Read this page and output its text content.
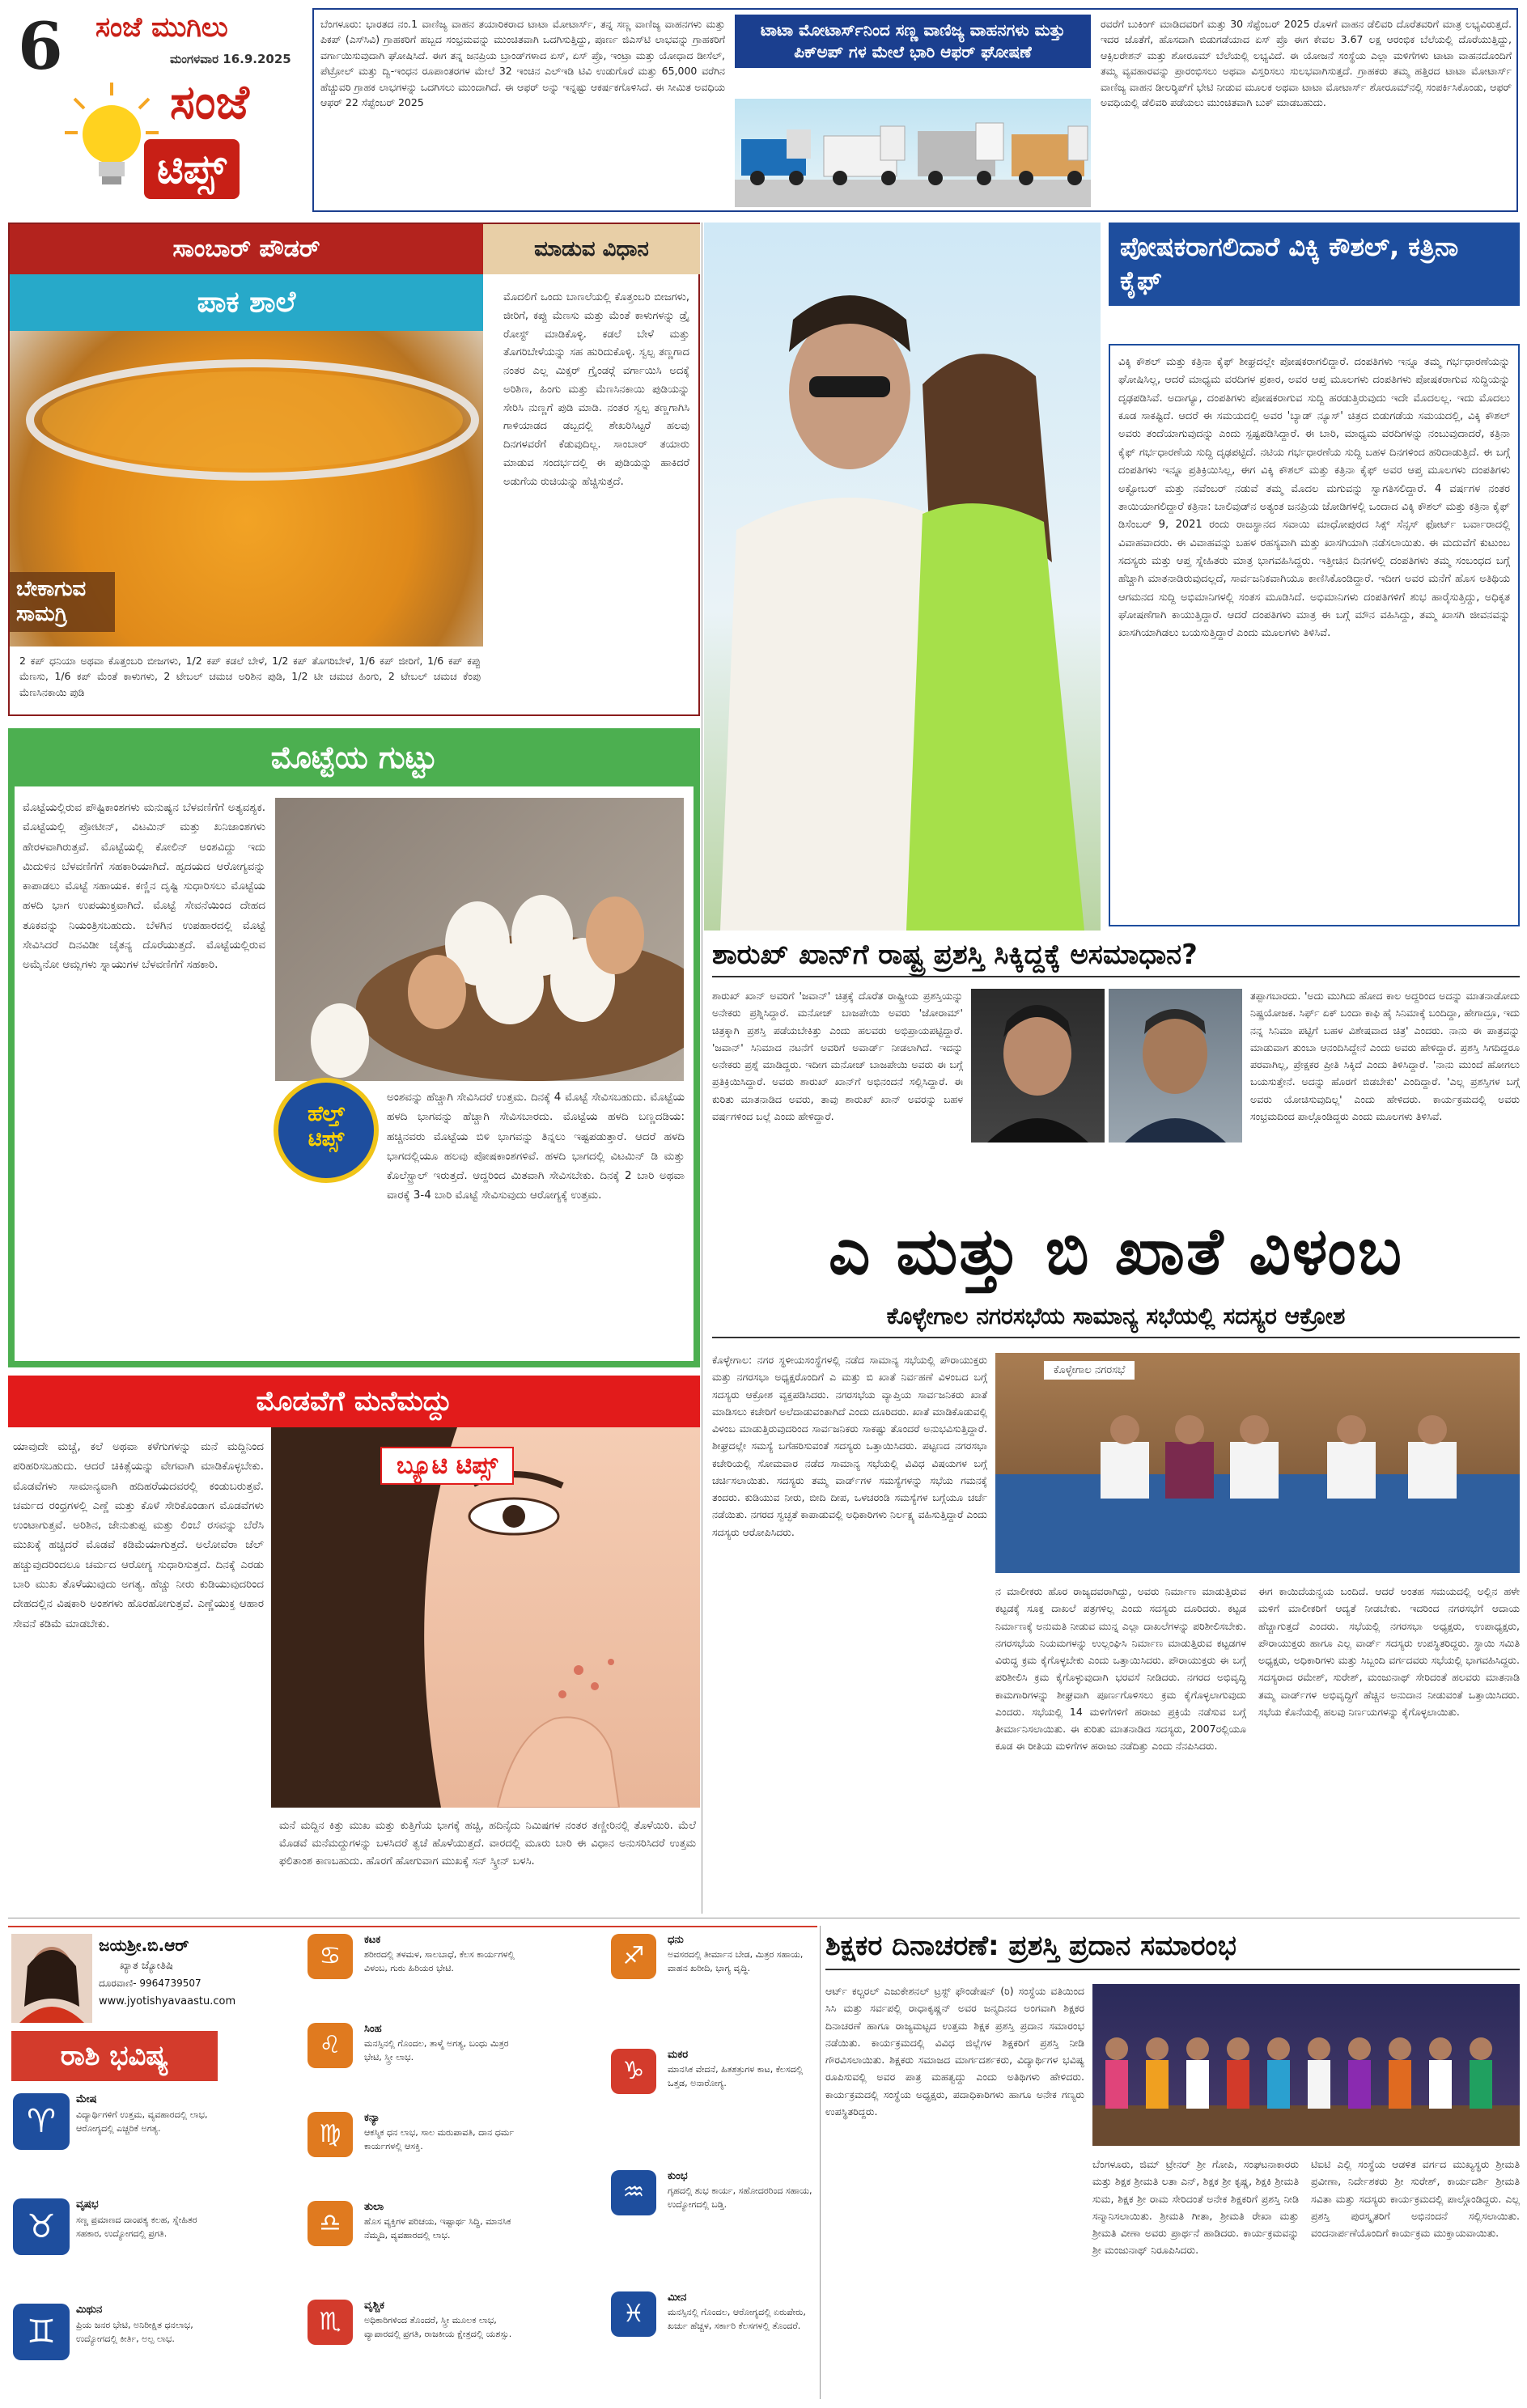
6 ಸಂಜೆ ಮುಗಿಲು
ಮಂಗಳವಾರ 16.9.2025
ಸಂಜೆ
ಟಿಪ್ಸ್
ಬೆಂಗಳೂರು: ಭಾರತದ ನಂ.1 ವಾಣಿಜ್ಯ ವಾಹನ ತಯಾರಿಕರಾದ ಟಾಟಾ ಮೋಟಾರ್ಸ್, ತನ್ನ ಸಣ್ಣ ವಾಣಿಜ್ಯ ವಾಹನಗಳು ಮತ್ತು ಪಿಕಪ್ (ಎಸ್‍ಸಿವಿ) ಗ್ರಾಹಕರಿಗೆ ಹಬ್ಬದ ಸಂಭ್ರಮವನ್ನು ಮುಂಚಿತವಾಗಿ ಒದಗಿಸುತ್ತಿದ್ದು, ಪೂರ್ಣ ಜಿಎಸ್‍ಟಿ ಲಾಭವನ್ನು ಗ್ರಾಹಕರಿಗೆ ವರ್ಗಾಯಿಸುವುದಾಗಿ ಘೋಷಿಸಿದೆ. ಈಗ ತನ್ನ ಜನಪ್ರಿಯ ಬ್ರಾಂಡ್‍ಗಳಾದ ಏಸ್, ಏಸ್ ಪ್ರೊ, ಇಂಟ್ರಾ ಮತ್ತು ಯೋಧಾದ ಡೀಸೆಲ್, ಪೆಟ್ರೋಲ್ ಮತ್ತು ದ್ವಿ-ಇಂಧನ ರೂಪಾಂತರಗಳ ಮೇಲೆ 32 ಇಂಚಿನ ಎಲ್‍ಇಡಿ ಟಿವಿ ಉಡುಗೊರೆ ಮತ್ತು 65,000 ವರೆಗಿನ ಹೆಚ್ಚುವರಿ ಗ್ರಾಹಕ ಲಾಭಗಳನ್ನು ಒದಗಿಸಲು ಮುಂದಾಗಿದೆ. ಈ ಆಫರ್ ಅನ್ನು ಇನ್ನಷ್ಟು ಆಕರ್ಷಕಗೊಳಿಸಿದೆ. ಈ ಸೀಮಿತ ಅವಧಿಯ ಆಫರ್ 22 ಸೆಪ್ಟೆಂಬರ್ 2025
ಟಾಟಾ ಮೋಟಾರ್ಸ್‌ನಿಂದ ಸಣ್ಣ ವಾಣಿಜ್ಯ ವಾಹನಗಳು ಮತ್ತು ಪಿಕ್‌ಅಪ್ ಗಳ ಮೇಲೆ ಭಾರಿ ಆಫರ್ ಘೋಷಣೆ
ರವರೆಗೆ ಬುಕಿಂಗ್ ಮಾಡಿದವರಿಗೆ ಮತ್ತು 30 ಸೆಪ್ಟೆಂಬರ್ 2025 ರೊಳಗೆ ವಾಹನ ಡೆಲಿವರಿ ದೊರೆತವರಿಗೆ ಮಾತ್ರ ಲಭ್ಯವಿರುತ್ತದೆ. ಇದರ ಜೊತೆಗೆ, ಹೊಸದಾಗಿ ಬಿಡುಗಡೆಯಾದ ಏಸ್ ಪ್ರೊ ಈಗ ಕೇವಲ 3.67 ಲಕ್ಷ ಆರಂಭಿಕ ಬೆಲೆಯಲ್ಲಿ ದೊರೆಯುತ್ತಿದ್ದು, ಆಕ್ಸಿಲರೇಶನ್ ಮತ್ತು ಶೋರೂಮ್ ಬೆಲೆಯಲ್ಲಿ ಲಭ್ಯವಿದೆ. ಈ ಯೋಜನೆ ಸಂಸ್ಥೆಯ ಎಲ್ಲಾ ಮಳಿಗೆಗಳು ಟಾಟಾ ವಾಹನದೊಂದಿಗೆ ತಮ್ಮ ವ್ಯವಹಾರವನ್ನು ಪ್ರಾರಂಭಿಸಲು ಅಥವಾ ವಿಸ್ತರಿಸಲು ಸುಲಭವಾಗಿಸುತ್ತದೆ. ಗ್ರಾಹಕರು ತಮ್ಮ ಹತ್ತಿರದ ಟಾಟಾ ಮೋಟಾರ್ಸ್ ವಾಣಿಜ್ಯ ವಾಹನ ಡೀಲರ್‍ಶಿಪ್‍ಗೆ ಭೇಟಿ ನೀಡುವ ಮೂಲಕ ಅಥವಾ ಟಾಟಾ ಮೋಟಾರ್ಸ್ ಶೋರೂಮ್‍ನಲ್ಲಿ ಸಂಪರ್ಕಿಸಿಕೊಂಡು, ಆಫರ್ ಅವಧಿಯಲ್ಲಿ ಡೆಲಿವರಿ ಪಡೆಯಲು ಮುಂಚಿತವಾಗಿ ಬುಕ್ ಮಾಡಬಹುದು.
ಸಾಂಬಾರ್ ಪೌಡರ್	ಮಾಡುವ ವಿಧಾನ
ಪಾಕ ಶಾಲೆ
ಬೇಕಾಗುವ ಸಾಮಗ್ರಿ
ಮೊದಲಿಗೆ ಒಂದು ಬಾಣಲೆಯಲ್ಲಿ ಕೊತ್ತಂಬರಿ ಬೀಜಗಳು, ಜೀರಿಗೆ, ಕಪ್ಪು ಮೆಣಸು ಮತ್ತು ಮೆಂತೆ ಕಾಳುಗಳನ್ನು ಡ್ರೈ ರೋಸ್ಟ್ ಮಾಡಿಕೊಳ್ಳಿ. ಕಡಲೆ ಬೇಳೆ ಮತ್ತು ತೊಗರಿಬೇಳೆಯನ್ನು ಸಹ ಹುರಿದುಕೊಳ್ಳಿ. ಸ್ವಲ್ಪ ತಣ್ಣಗಾದ ನಂತರ ಎಲ್ಲ ಮಿಕ್ಸರ್ ಗ್ರೈಂಡರ್‍ಗೆ ವರ್ಗಾಯಿಸಿ ಅದಕ್ಕೆ ಅರಿಶಿಣ, ಹಿಂಗು ಮತ್ತು ಮೆಣಸಿನಕಾಯಿ ಪುಡಿಯನ್ನು ಸೇರಿಸಿ ನುಣ್ಣಗೆ ಪುಡಿ ಮಾಡಿ. ನಂತರ ಸ್ವಲ್ಪ ತಣ್ಣಗಾಗಿಸಿ ಗಾಳಿಯಾಡದ ಡಬ್ಬದಲ್ಲಿ ಶೇಖರಿಸಿಟ್ಟರೆ ಹಲವು ದಿನಗಳವರೆಗೆ ಕೆಡುವುದಿಲ್ಲ. ಸಾಂಬಾರ್ ತಯಾರು ಮಾಡುವ ಸಂದರ್ಭದಲ್ಲಿ ಈ ಪುಡಿಯನ್ನು ಹಾಕಿದರೆ ಅಡುಗೆಯ ರುಚಿಯನ್ನು ಹೆಚ್ಚಿಸುತ್ತದೆ.
2 ಕಪ್ ಧನಿಯಾ ಅಥವಾ ಕೊತ್ತಂಬರಿ ಬೀಜಗಳು, 1/2 ಕಪ್ ಕಡಲೆ ಬೇಳೆ, 1/2 ಕಪ್ ತೊಗರಿಬೇಳೆ, 1/6 ಕಪ್ ಜೀರಿಗೆ, 1/6 ಕಪ್ ಕಪ್ಪು ಮೆಣಸು, 1/6 ಕಪ್ ಮೆಂತೆ ಕಾಳುಗಳು, 2 ಟೇಬಲ್ ಚಮಚ ಅರಿಶಿನ ಪುಡಿ, 1/2 ಟೀ ಚಮಚ ಹಿಂಗು, 2 ಟೇಬಲ್ ಚಮಚ ಕೆಂಪು ಮೆಣಸಿನಕಾಯಿ ಪುಡಿ
ಮೊಟ್ಟೆಯ ಗುಟ್ಟು
ಮೊಟ್ಟೆಯಲ್ಲಿರುವ ಪೌಷ್ಟಿಕಾಂಶಗಳು ಮನುಷ್ಯನ ಬೆಳವಣಿಗೆಗೆ ಅತ್ಯವಶ್ಯಕ. ಮೊಟ್ಟೆಯಲ್ಲಿ ಪ್ರೋಟೀನ್, ವಿಟಮಿನ್ ಮತ್ತು ಖನಿಜಾಂಶಗಳು ಹೇರಳವಾಗಿರುತ್ತವೆ. ಮೊಟ್ಟೆಯಲ್ಲಿ ಕೋಲಿನ್ ಅಂಶವಿದ್ದು ಇದು ಮಿದುಳಿನ ಬೆಳವಣಿಗೆಗೆ ಸಹಕಾರಿಯಾಗಿದೆ. ಹೃದಯದ ಆರೋಗ್ಯವನ್ನು ಕಾಪಾಡಲು ಮೊಟ್ಟೆ ಸಹಾಯಕ. ಕಣ್ಣಿನ ದೃಷ್ಟಿ ಸುಧಾರಿಸಲು ಮೊಟ್ಟೆಯ ಹಳದಿ ಭಾಗ ಉಪಯುಕ್ತವಾಗಿದೆ. ಮೊಟ್ಟೆ ಸೇವನೆಯಿಂದ ದೇಹದ ತೂಕವನ್ನು ನಿಯಂತ್ರಿಸಬಹುದು. ಬೆಳಗಿನ ಉಪಹಾರದಲ್ಲಿ ಮೊಟ್ಟೆ ಸೇವಿಸಿದರೆ ದಿನವಿಡೀ ಚೈತನ್ಯ ದೊರೆಯುತ್ತದೆ. ಮೊಟ್ಟೆಯಲ್ಲಿರುವ ಅಮೈನೋ ಆಮ್ಲಗಳು ಸ್ನಾಯುಗಳ ಬೆಳವಣಿಗೆಗೆ ಸಹಕಾರಿ.
ಹೆಲ್ತ್
ಟಿಪ್ಸ್
ಅಂಶವನ್ನು ಹೆಚ್ಚಾಗಿ ಸೇವಿಸಿದರೆ ಉತ್ತಮ. ದಿನಕ್ಕೆ 4 ಮೊಟ್ಟೆ ಸೇವಿಸಬಹುದು. ಮೊಟ್ಟೆಯ ಹಳದಿ ಭಾಗವನ್ನು ಹೆಚ್ಚಾಗಿ ಸೇವಿಸಬಾರದು. ಮೊಟ್ಟೆಯ ಹಳದಿ ಬಣ್ಣದಡಿಯ: ಹಚ್ಚಿನವರು ಮೊಟ್ಟೆಯ ಬಿಳಿ ಭಾಗವನ್ನು ತಿನ್ನಲು ಇಷ್ಟಪಡುತ್ತಾರೆ. ಆದರೆ ಹಳದಿ ಭಾಗದಲ್ಲಿಯೂ ಹಲವು ಪೋಷಕಾಂಶಗಳಿವೆ. ಹಳದಿ ಭಾಗದಲ್ಲಿ ವಿಟಮಿನ್ ಡಿ ಮತ್ತು ಕೊಲೆಸ್ಟ್ರಾಲ್ ಇರುತ್ತದೆ. ಆದ್ದರಿಂದ ಮಿತವಾಗಿ ಸೇವಿಸಬೇಕು. ದಿನಕ್ಕೆ 2 ಬಾರಿ ಅಥವಾ ವಾರಕ್ಕೆ 3-4 ಬಾರಿ ಮೊಟ್ಟೆ ಸೇವಿಸುವುದು ಆರೋಗ್ಯಕ್ಕೆ ಉತ್ತಮ.
ಮೊಡವೆಗೆ ಮನೆಮದ್ದು
ಯಾವುದೇ ಮಚ್ಚೆ, ಕಲೆ ಅಥವಾ ಕಳೆಗುಗಳನ್ನು ಮನೆ ಮದ್ದಿನಿಂದ ಪರಿಹರಿಸಬಹುದು. ಆದರೆ ಚಿಕಿತ್ಸೆಯನ್ನು ವೇಗವಾಗಿ ಮಾಡಿಕೊಳ್ಳಬೇಕು. ಮೊಡವೆಗಳು ಸಾಮಾನ್ಯವಾಗಿ ಹದಿಹರೆಯದವರಲ್ಲಿ ಕಂಡುಬರುತ್ತವೆ. ಚರ್ಮದ ರಂಧ್ರಗಳಲ್ಲಿ ಎಣ್ಣೆ ಮತ್ತು ಕೊಳೆ ಸೇರಿಕೊಂಡಾಗ ಮೊಡವೆಗಳು ಉಂಟಾಗುತ್ತವೆ. ಅರಿಶಿನ, ಜೇನುತುಪ್ಪ ಮತ್ತು ಲಿಂಬೆ ರಸವನ್ನು ಬೆರೆಸಿ ಮುಖಕ್ಕೆ ಹಚ್ಚಿದರೆ ಮೊಡವೆ ಕಡಿಮೆಯಾಗುತ್ತದೆ. ಅಲೋವೆರಾ ಜೆಲ್ ಹಚ್ಚುವುದರಿಂದಲೂ ಚರ್ಮದ ಆರೋಗ್ಯ ಸುಧಾರಿಸುತ್ತದೆ. ದಿನಕ್ಕೆ ಎರಡು ಬಾರಿ ಮುಖ ತೊಳೆಯುವುದು ಅಗತ್ಯ. ಹೆಚ್ಚು ನೀರು ಕುಡಿಯುವುದರಿಂದ ದೇಹದಲ್ಲಿನ ವಿಷಕಾರಿ ಅಂಶಗಳು ಹೊರಹೋಗುತ್ತವೆ. ಎಣ್ಣೆಯುಕ್ತ ಆಹಾರ ಸೇವನೆ ಕಡಿಮೆ ಮಾಡಬೇಕು.
ಬ್ಯೂಟಿ ಟಿಪ್ಸ್
ಮನೆ ಮದ್ದಿನ ಕಿತ್ತು ಮುಖ ಮತ್ತು ಕುತ್ತಿಗೆಯ ಭಾಗಕ್ಕೆ ಹಚ್ಚಿ, ಹದಿನೈದು ನಿಮಿಷಗಳ ನಂತರ ತಣ್ಣೀರಿನಲ್ಲಿ ತೊಳೆಯಿರಿ. ಮೆಲೆ ಮೊಡವೆ ಮನೆಮದ್ದುಗಳನ್ನು ಬಳಸಿದರೆ ತ್ವಚೆ ಹೊಳೆಯುತ್ತದೆ. ವಾರದಲ್ಲಿ ಮೂರು ಬಾರಿ ಈ ವಿಧಾನ ಅನುಸರಿಸಿದರೆ ಉತ್ತಮ ಫಲಿತಾಂಶ ಕಾಣಬಹುದು. ಹೊರಗೆ ಹೋಗುವಾಗ ಮುಖಕ್ಕೆ ಸನ್ ಸ್ಕ್ರೀನ್ ಬಳಸಿ.
ಪೋಷಕರಾಗಲಿದಾರೆ ವಿಕ್ಕಿ ಕೌಶಲ್, ಕತ್ರಿನಾ ಕೈಫ್
ವಿಕ್ಕಿ ಕೌಶಲ್ ಮತ್ತು ಕತ್ರಿನಾ ಕೈಫ್ ಶೀಘ್ರದಲ್ಲೇ ಪೋಷಕರಾಗಲಿದ್ದಾರೆ. ದಂಪತಿಗಳು ಇನ್ನೂ ತಮ್ಮ ಗರ್ಭಧಾರಣೆಯನ್ನು ಘೋಷಿಸಿಲ್ಲ, ಆದರೆ ಮಾಧ್ಯಮ ವರದಿಗಳ ಪ್ರಕಾರ, ಅವರ ಆಪ್ತ ಮೂಲಗಳು ದಂಪತಿಗಳು ಪೋಷಕರಾಗುವ ಸುದ್ದಿಯನ್ನು ದೃಢಪಡಿಸಿವೆ. ಅದಾಗ್ಯೂ, ದಂಪತಿಗಳು ಪೋಷಕರಾಗುವ ಸುದ್ದಿ ಹರಡುತ್ತಿರುವುದು ಇದೇ ಮೊದಲಲ್ಲ. ಇದು ಮೊದಲು ಕೂಡ ಸಾಕಷ್ಟಿದೆ. ಆದರೆ ಈ ಸಮಯದಲ್ಲಿ ಅವರ 'ಬ್ಯಾಡ್ ನ್ಯೂಸ್' ಚಿತ್ರದ ಬಿಡುಗಡೆಯ ಸಮಯದಲ್ಲಿ, ವಿಕ್ಕಿ ಕೌಶಲ್ ಅವರು ತಂದೆಯಾಗುವುದನ್ನು ಎಂದು ಸ್ಪಷ್ಟಪಡಿಸಿದ್ದಾರೆ. ಈ ಬಾರಿ, ಮಾಧ್ಯಮ ವರದಿಗಳನ್ನು ನಂಬುವುದಾದರೆ, ಕತ್ರಿನಾ ಕೈಫ್ ಗರ್ಭಧಾರಣೆಯ ಸುದ್ದಿ ದೃಢಪಟ್ಟಿದೆ. ನಟಿಯ ಗರ್ಭಧಾರಣೆಯ ಸುದ್ದಿ ಬಹಳ ದಿನಗಳಿಂದ ಹರಿದಾಡುತ್ತಿದೆ. ಈ ಬಗ್ಗೆ ದಂಪತಿಗಳು ಇನ್ನೂ ಪ್ರತಿಕ್ರಿಯಿಸಿಲ್ಲ, ಈಗ ವಿಕ್ಕಿ ಕೌಶಲ್ ಮತ್ತು ಕತ್ರಿನಾ ಕೈಫ್ ಅವರ ಆಪ್ತ ಮೂಲಗಳು ದಂಪತಿಗಳು ಅಕ್ಟೋಬರ್ ಮತ್ತು ನವೆಂಬರ್ ನಡುವೆ ತಮ್ಮ ಮೊದಲ ಮಗುವನ್ನು ಸ್ವಾಗತಿಸಲಿದ್ದಾರೆ. 4 ವರ್ಷಗಳ ನಂತರ ತಾಯಿಯಾಗಲಿದ್ದಾರೆ ಕತ್ರಿನಾ: ಬಾಲಿವುಡ್‍ನ ಅತ್ಯಂತ ಜನಪ್ರಿಯ ಜೋಡಿಗಳಲ್ಲಿ ಒಂದಾದ ವಿಕ್ಕಿ ಕೌಶಲ್ ಮತ್ತು ಕತ್ರಿನಾ ಕೈಫ್ ಡಿಸೆಂಬರ್ 9, 2021 ರಂದು ರಾಜಸ್ಥಾನದ ಸವಾಯಿ ಮಾಧೋಪುರದ ಸಿಕ್ಸ್ ಸೆನ್ಸಸ್ ಫೋರ್ಟ್ ಬರ್ವಾರಾದಲ್ಲಿ ವಿವಾಹವಾದರು. ಈ ವಿವಾಹವನ್ನು ಬಹಳ ರಹಸ್ಯವಾಗಿ ಮತ್ತು ಖಾಸಗಿಯಾಗಿ ನಡೆಸಲಾಯಿತು. ಈ ಮದುವೆಗೆ ಕುಟುಂಬ ಸದಸ್ಯರು ಮತ್ತು ಆಪ್ತ ಸ್ನೇಹಿತರು ಮಾತ್ರ ಭಾಗವಹಿಸಿದ್ದರು. ಇತ್ತೀಚಿನ ದಿನಗಳಲ್ಲಿ ದಂಪತಿಗಳು ತಮ್ಮ ಸಂಬಂಧದ ಬಗ್ಗೆ ಹೆಚ್ಚಾಗಿ ಮಾತನಾಡಿರುವುದಲ್ಲದೆ, ಸಾರ್ವಜನಿಕವಾಗಿಯೂ ಕಾಣಿಸಿಕೊಂಡಿದ್ದಾರೆ. ಇದೀಗ ಅವರ ಮನೆಗೆ ಹೊಸ ಅತಿಥಿಯ ಆಗಮನದ ಸುದ್ದಿ ಅಭಿಮಾನಿಗಳಲ್ಲಿ ಸಂತಸ ಮೂಡಿಸಿದೆ. ಅಭಿಮಾನಿಗಳು ದಂಪತಿಗಳಿಗೆ ಶುಭ ಹಾರೈಸುತ್ತಿದ್ದು, ಅಧಿಕೃತ ಘೋಷಣೆಗಾಗಿ ಕಾಯುತ್ತಿದ್ದಾರೆ. ಆದರೆ ದಂಪತಿಗಳು ಮಾತ್ರ ಈ ಬಗ್ಗೆ ಮೌನ ವಹಿಸಿದ್ದು, ತಮ್ಮ ಖಾಸಗಿ ಜೀವನವನ್ನು ಖಾಸಗಿಯಾಗಿಡಲು ಬಯಸುತ್ತಿದ್ದಾರೆ ಎಂದು ಮೂಲಗಳು ತಿಳಿಸಿವೆ.
ಶಾರುಖ್ ಖಾನ್‌ಗೆ ರಾಷ್ಟ್ರ ಪ್ರಶಸ್ತಿ ಸಿಕ್ಕಿದ್ದಕ್ಕೆ ಅಸಮಾಧಾನ?
ಶಾರುಖ್ ಖಾನ್ ಅವರಿಗೆ 'ಜವಾನ್' ಚಿತ್ರಕ್ಕೆ ದೊರೆತ ರಾಷ್ಟ್ರೀಯ ಪ್ರಶಸ್ತಿಯನ್ನು ಅನೇಕರು ಪ್ರಶ್ನಿಸಿದ್ದಾರೆ. ಮನೋಜ್ ಬಾಜಪೇಯಿ ಅವರು 'ಜೋರಾಮ್' ಚಿತ್ರಕ್ಕಾಗಿ ಪ್ರಶಸ್ತಿ ಪಡೆಯಬೇಕಿತ್ತು ಎಂದು ಹಲವರು ಅಭಿಪ್ರಾಯಪಟ್ಟಿದ್ದಾರೆ. 'ಜವಾನ್' ಸಿನಿಮಾದ ನಟನೆಗೆ ಅವರಿಗೆ ಅವಾರ್ಡ್ ನೀಡಲಾಗಿದೆ. ಇದನ್ನು ಅನೇಕರು ಪ್ರಶ್ನೆ ಮಾಡಿದ್ದರು. ಇದೀಗ ಮನೋಜ್ ಬಾಜಪೇಯಿ ಅವರು ಈ ಬಗ್ಗೆ ಪ್ರತಿಕ್ರಿಯಿಸಿದ್ದಾರೆ. ಅವರು ಶಾರುಖ್ ಖಾನ್‌ಗೆ ಅಭಿನಂದನೆ ಸಲ್ಲಿಸಿದ್ದಾರೆ. ಈ ಕುರಿತು ಮಾತನಾಡಿದ ಅವರು, ತಾವು ಶಾರುಖ್ ಖಾನ್ ಅವರನ್ನು ಬಹಳ ವರ್ಷಗಳಿಂದ ಬಲ್ಲೆ ಎಂದು ಹೇಳಿದ್ದಾರೆ.
ತಪ್ಪಾಗಬಾರದು. 'ಅದು ಮುಗಿದು ಹೋದ ಕಾಲ ಅದ್ದರಿಂದ ಅದನ್ನು ಮಾತನಾಡೋದು ನಿಷ್ಪ್ರಯೋಜಕ. ಸಿರ್ಫ್ ಏಕ್ ಬಂದಾ ಕಾಫಿ ಹೈ ಸಿನಿಮಾಕ್ಕೆ ಬಂದಿದ್ದಾ, ಹೇಗಾದ್ರೂ, ಇದು ನನ್ನ ಸಿನಿಮಾ ಪಟ್ಟಿಗೆ ಬಹಳ ವಿಶೇಷವಾದ ಚಿತ್ರ' ಎಂದರು. ನಾನು ಈ ಪಾತ್ರವನ್ನು ಮಾಡುವಾಗ ತುಂಬಾ ಆನಂದಿಸಿದ್ದೇನೆ ಎಂದು ಅವರು ಹೇಳಿದ್ದಾರೆ. ಪ್ರಶಸ್ತಿ ಸಿಗದಿದ್ದರೂ ಪರವಾಗಿಲ್ಲ, ಪ್ರೇಕ್ಷಕರ ಪ್ರೀತಿ ಸಿಕ್ಕಿದೆ ಎಂದು ತಿಳಿಸಿದ್ದಾರೆ. 'ನಾನು ಮುಂದೆ ಹೋಗಲು ಬಯಸುತ್ತೇನೆ. ಅದನ್ನು ಹೊರಗೆ ಬಿಡಬೇಕು' ಎಂದಿದ್ದಾರೆ. 'ಎಲ್ಲ ಪ್ರಶಸ್ತಿಗಳ ಬಗ್ಗೆ ಅವರು ಯೋಚಿಸುವುದಿಲ್ಲ' ಎಂದು ಹೇಳಿದರು. ಕಾರ್ಯಕ್ರಮದಲ್ಲಿ ಅವರು ಸಂಭ್ರಮದಿಂದ ಪಾಲ್ಗೊಂಡಿದ್ದರು ಎಂದು ಮೂಲಗಳು ತಿಳಿಸಿವೆ.
ಎ ಮತ್ತು ಬಿ ಖಾತೆ ವಿಳಂಬ
ಕೊಳ್ಳೇಗಾಲ ನಗರಸಭೆಯ ಸಾಮಾನ್ಯ ಸಭೆಯಲ್ಲಿ ಸದಸ್ಯರ ಆಕ್ರೋಶ
ಕೊಳ್ಳೇಗಾಲ: ನಗರ ಸ್ಥಳೀಯಸಂಸ್ಥೆಗಳಲ್ಲಿ ನಡೆದ ಸಾಮಾನ್ಯ ಸಭೆಯಲ್ಲಿ ಪೌರಾಯುಕ್ತರು ಮತ್ತು ನಗರಸಭಾ ಅಧ್ಯಕ್ಷರೊಂದಿಗೆ ಎ ಮತ್ತು ಬಿ ಖಾತೆ ನಿರ್ವಹಣೆ ವಿಳಂಬದ ಬಗ್ಗೆ ಸದಸ್ಯರು ಆಕ್ರೋಶ ವ್ಯಕ್ತಪಡಿಸಿದರು. ನಗರಸಭೆಯ ವ್ಯಾಪ್ತಿಯ ಸಾರ್ವಜನಿಕರು ಖಾತೆ ಮಾಡಿಸಲು ಕಚೇರಿಗೆ ಅಲೆದಾಡುವಂತಾಗಿದೆ ಎಂದು ದೂರಿದರು. ಖಾತೆ ಮಾಡಿಕೊಡುವಲ್ಲಿ ವಿಳಂಬ ಮಾಡುತ್ತಿರುವುದರಿಂದ ಸಾರ್ವಜನಿಕರು ಸಾಕಷ್ಟು ತೊಂದರೆ ಅನುಭವಿಸುತ್ತಿದ್ದಾರೆ. ಶೀಘ್ರದಲ್ಲೇ ಸಮಸ್ಯೆ ಬಗೆಹರಿಸುವಂತೆ ಸದಸ್ಯರು ಒತ್ತಾಯಿಸಿದರು. ಪಟ್ಟಣದ ನಗರಸಭಾ ಕಚೇರಿಯಲ್ಲಿ ಸೋಮವಾರ ನಡೆದ ಸಾಮಾನ್ಯ ಸಭೆಯಲ್ಲಿ ವಿವಿಧ ವಿಷಯಗಳ ಬಗ್ಗೆ ಚರ್ಚಿಸಲಾಯಿತು. ಸದಸ್ಯರು ತಮ್ಮ ವಾರ್ಡ್‌ಗಳ ಸಮಸ್ಯೆಗಳನ್ನು ಸಭೆಯ ಗಮನಕ್ಕೆ ತಂದರು. ಕುಡಿಯುವ ನೀರು, ಬೀದಿ ದೀಪ, ಒಳಚರಂಡಿ ಸಮಸ್ಯೆಗಳ ಬಗ್ಗೆಯೂ ಚರ್ಚೆ ನಡೆಯಿತು. ನಗರದ ಸ್ವಚ್ಛತೆ ಕಾಪಾಡುವಲ್ಲಿ ಅಧಿಕಾರಿಗಳು ನಿರ್ಲಕ್ಷ್ಯ ವಹಿಸುತ್ತಿದ್ದಾರೆ ಎಂದು ಸದಸ್ಯರು ಆರೋಪಿಸಿದರು.
ಕೊಳ್ಳೇಗಾಲ ನಗರಸಭೆ
ನ ಮಾಲೀಕರು ಹೊರ ರಾಜ್ಯದವರಾಗಿದ್ದು, ಅವರು ನಿರ್ಮಾಣ ಮಾಡುತ್ತಿರುವ ಕಟ್ಟಡಕ್ಕೆ ಸೂಕ್ತ ದಾಖಲೆ ಪತ್ರಗಳಿಲ್ಲ ಎಂದು ಸದಸ್ಯರು ದೂರಿದರು. ಕಟ್ಟಡ ನಿರ್ಮಾಣಕ್ಕೆ ಅನುಮತಿ ನೀಡುವ ಮುನ್ನ ಎಲ್ಲಾ ದಾಖಲೆಗಳನ್ನು ಪರಿಶೀಲಿಸಬೇಕು. ನಗರಸಭೆಯ ನಿಯಮಗಳನ್ನು ಉಲ್ಲಂಘಿಸಿ ನಿರ್ಮಾಣ ಮಾಡುತ್ತಿರುವ ಕಟ್ಟಡಗಳ ವಿರುದ್ಧ ಕ್ರಮ ಕೈಗೊಳ್ಳಬೇಕು ಎಂದು ಒತ್ತಾಯಿಸಿದರು. ಪೌರಾಯುಕ್ತರು ಈ ಬಗ್ಗೆ ಪರಿಶೀಲಿಸಿ ಕ್ರಮ ಕೈಗೊಳ್ಳುವುದಾಗಿ ಭರವಸೆ ನೀಡಿದರು. ನಗರದ ಅಭಿವೃದ್ಧಿ ಕಾಮಗಾರಿಗಳನ್ನು ಶೀಘ್ರವಾಗಿ ಪೂರ್ಣಗೊಳಿಸಲು ಕ್ರಮ ಕೈಗೊಳ್ಳಲಾಗುವುದು ಎಂದರು. ಸಭೆಯಲ್ಲಿ 14 ಮಳಿಗೆಗಳಿಗೆ ಹರಾಜು ಪ್ರಕ್ರಿಯೆ ನಡೆಸುವ ಬಗ್ಗೆ ತೀರ್ಮಾನಿಸಲಾಯಿತು. ಈ ಕುರಿತು ಮಾತನಾಡಿದ ಸದಸ್ಯರು, 2007ರಲ್ಲಿಯೂ ಕೂಡ ಈ ರೀತಿಯ ಮಳಿಗೆಗಳ ಹರಾಜು ನಡೆದಿತ್ತು ಎಂದು ನೆನಪಿಸಿದರು.
ಈಗ ಕಾಯಿದೆಯನ್ವಯ ಬಂದಿದೆ. ಆದರೆ ಅಂತಹ ಸಮಯದಲ್ಲಿ ಅಲ್ಲಿನ ಹಳೇ ಮಳಿಗೆ ಮಾಲೀಕರಿಗೆ ಆದ್ಯತೆ ನೀಡಬೇಕು. ಇದರಿಂದ ನಗರಸಭೆಗೆ ಆದಾಯ ಹೆಚ್ಚಾಗುತ್ತದೆ ಎಂದರು. ಸಭೆಯಲ್ಲಿ ನಗರಸಭಾ ಅಧ್ಯಕ್ಷರು, ಉಪಾಧ್ಯಕ್ಷರು, ಪೌರಾಯುಕ್ತರು ಹಾಗೂ ಎಲ್ಲ ವಾರ್ಡ್ ಸದಸ್ಯರು ಉಪಸ್ಥಿತರಿದ್ದರು. ಸ್ಥಾಯಿ ಸಮಿತಿ ಅಧ್ಯಕ್ಷರು, ಅಧಿಕಾರಿಗಳು ಮತ್ತು ಸಿಬ್ಬಂದಿ ವರ್ಗದವರು ಸಭೆಯಲ್ಲಿ ಭಾಗವಹಿಸಿದ್ದರು. ಸದಸ್ಯರಾದ ರಮೇಶ್, ಸುರೇಶ್, ಮಂಜುನಾಥ್ ಸೇರಿದಂತೆ ಹಲವರು ಮಾತನಾಡಿ ತಮ್ಮ ವಾರ್ಡ್‌ಗಳ ಅಭಿವೃದ್ಧಿಗೆ ಹೆಚ್ಚಿನ ಅನುದಾನ ನೀಡುವಂತೆ ಒತ್ತಾಯಿಸಿದರು. ಸಭೆಯ ಕೊನೆಯಲ್ಲಿ ಹಲವು ನಿರ್ಣಯಗಳನ್ನು ಕೈಗೊಳ್ಳಲಾಯಿತು.
ಜಯಶ್ರೀ.ಬಿ.ಆರ್
ಖ್ಯಾತ ಜ್ಯೋತಿಷಿ
ದೂರವಾಣಿ- 9964739507
www.jyotishyavaastu.com
ರಾಶಿ ಭವಿಷ್ಯ
♈
ಮೇಷ
ವಿದ್ಯಾರ್ಥಿಗಳಿಗೆ ಉತ್ತಮ, ವ್ಯವಹಾರದಲ್ಲಿ ಲಾಭ, ಆರೋಗ್ಯದಲ್ಲಿ ಎಚ್ಚರಿಕೆ ಅಗತ್ಯ.
♉
ವೃಷಭ
ಸಣ್ಣ ಪ್ರಮಾಣದ ದಾಂಪತ್ಯ ಕಲಹ, ಸ್ನೇಹಿತರ ಸಹಕಾರ, ಉದ್ಯೋಗದಲ್ಲಿ ಪ್ರಗತಿ.
♊
ಮಿಥುನ
ಪ್ರಿಯ ಜನರ ಭೇಟಿ, ಅನಿರೀಕ್ಷಿತ ಧನಲಾಭ, ಉದ್ಯೋಗದಲ್ಲಿ ಕೀರ್ತಿ, ಅಲ್ಪ ಲಾಭ.
♋
ಕಟಕ
ಶರೀರದಲ್ಲಿ ತಳಮಳ, ಸಾಲಬಾಧೆ, ಕೆಲಸ ಕಾರ್ಯಗಳಲ್ಲಿ ವಿಳಂಬ, ಗುರು ಹಿರಿಯರ ಭೇಟಿ.
♌
ಸಿಂಹ
ಮನಸ್ಸಿನಲ್ಲಿ ಗೊಂದಲ, ತಾಳ್ಮೆ ಅಗತ್ಯ, ಬಂಧು ಮಿತ್ರರ ಭೇಟಿ, ಸ್ತ್ರೀ ಲಾಭ.
♍
ಕನ್ಯಾ
ಆಕಸ್ಮಿಕ ಧನ ಲಾಭ, ಸಾಲ ಮರುಪಾವತಿ, ದಾನ ಧರ್ಮ ಕಾರ್ಯಗಳಲ್ಲಿ ಆಸಕ್ತಿ.
♎
ತುಲಾ
ಹೊಸ ವ್ಯಕ್ತಿಗಳ ಪರಿಚಯ, ಇಷ್ಟಾರ್ಥ ಸಿದ್ಧಿ, ಮಾನಸಿಕ ನೆಮ್ಮದಿ, ವ್ಯವಹಾರದಲ್ಲಿ ಲಾಭ.
♏
ವೃಶ್ಚಿಕ
ಅಧಿಕಾರಿಗಳಿಂದ ತೊಂದರೆ, ಸ್ತ್ರೀ ಮೂಲಕ ಲಾಭ, ವ್ಯಾಪಾರದಲ್ಲಿ ಪ್ರಗತಿ, ರಾಜಕೀಯ ಕ್ಷೇತ್ರದಲ್ಲಿ ಯಶಸ್ಸು.
♐
ಧನು
ಅವಸರದಲ್ಲಿ ತೀರ್ಮಾನ ಬೇಡ, ಮಿತ್ರರ ಸಹಾಯ, ವಾಹನ ಖರೀದಿ, ಭಾಗ್ಯ ವೃದ್ಧಿ.
♑
ಮಕರ
ಮಾನಸಿಕ ವೇದನೆ, ಹಿತಶತ್ರುಗಳ ಕಾಟ, ಕೆಲಸದಲ್ಲಿ ಒತ್ತಡ, ಅನಾರೋಗ್ಯ.
♒
ಕುಂಭ
ಗೃಹದಲ್ಲಿ ಶುಭ ಕಾರ್ಯ, ಸಹೋದರರಿಂದ ಸಹಾಯ, ಉದ್ಯೋಗದಲ್ಲಿ ಬಡ್ತಿ.
♓
ಮೀನ
ಮನಸ್ಸಿನಲ್ಲಿ ಗೊಂದಲ, ಆರೋಗ್ಯದಲ್ಲಿ ಏರುಪೇರು, ಖರ್ಚು ಹೆಚ್ಚಳ, ಸರ್ಕಾರಿ ಕೆಲಸಗಳಲ್ಲಿ ತೊಂದರೆ.
ಶಿಕ್ಷಕರ ದಿನಾಚರಣೆ: ಪ್ರಶಸ್ತಿ ಪ್ರದಾನ ಸಮಾರಂಭ
ಆರ್ಟ್ ಕಲ್ಚರಲ್ ಎಜುಕೇಶನಲ್ ಟ್ರಸ್ಟ್ ಫೌಂಡೇಷನ್ (ರಿ) ಸಂಸ್ಥೆಯ ವತಿಯಿಂದ ಸಿಸಿ ಮತ್ತು ಸರ್ವಪಲ್ಲಿ ರಾಧಾಕೃಷ್ಣನ್ ಅವರ ಜನ್ಮದಿನದ ಅಂಗವಾಗಿ ಶಿಕ್ಷಕರ ದಿನಾಚರಣೆ ಹಾಗೂ ರಾಜ್ಯಮಟ್ಟದ ಉತ್ತಮ ಶಿಕ್ಷಕ ಪ್ರಶಸ್ತಿ ಪ್ರದಾನ ಸಮಾರಂಭ ನಡೆಯಿತು. ಕಾರ್ಯಕ್ರಮದಲ್ಲಿ ವಿವಿಧ ಜಿಲ್ಲೆಗಳ ಶಿಕ್ಷಕರಿಗೆ ಪ್ರಶಸ್ತಿ ನೀಡಿ ಗೌರವಿಸಲಾಯಿತು. ಶಿಕ್ಷಕರು ಸಮಾಜದ ಮಾರ್ಗದರ್ಶಕರು, ವಿದ್ಯಾರ್ಥಿಗಳ ಭವಿಷ್ಯ ರೂಪಿಸುವಲ್ಲಿ ಅವರ ಪಾತ್ರ ಮಹತ್ವದ್ದು ಎಂದು ಅತಿಥಿಗಳು ಹೇಳಿದರು. ಕಾರ್ಯಕ್ರಮದಲ್ಲಿ ಸಂಸ್ಥೆಯ ಅಧ್ಯಕ್ಷರು, ಪದಾಧಿಕಾರಿಗಳು ಹಾಗೂ ಅನೇಕ ಗಣ್ಯರು ಉಪಸ್ಥಿತರಿದ್ದರು.
ಬೆಂಗಳೂರು, ಜಿಮ್ ಟ್ರೇನರ್ ಶ್ರೀ ಗೋಪಿ, ಸಂಘಟನಾಕಾರರು ಮತ್ತು ಶಿಕ್ಷಕ ಶ್ರೀಮತಿ ಲತಾ ಎನ್, ಶಿಕ್ಷಕ ಶ್ರೀ ಕೃಷ್ಣ, ಶಿಕ್ಷಕಿ ಶ್ರೀಮತಿ ಸುಮ, ಶಿಕ್ಷಕ ಶ್ರೀ ರಾಮ ಸೇರಿದಂತೆ ಅನೇಕ ಶಿಕ್ಷಕರಿಗೆ ಪ್ರಶಸ್ತಿ ನೀಡಿ ಸನ್ಮಾನಿಸಲಾಯಿತು. ಶ್ರೀಮತಿ ಗೀತಾ, ಶ್ರೀಮತಿ ರೇಖಾ ಮತ್ತು ಶ್ರೀಮತಿ ವೀಣಾ ಅವರು ಪ್ರಾರ್ಥನೆ ಹಾಡಿದರು. ಕಾರ್ಯಕ್ರಮವನ್ನು ಶ್ರೀ ಮಂಜುನಾಥ್ ನಿರೂಪಿಸಿದರು.
ಟಿಐಟಿ ಎಲ್ಲಿ ಸಂಸ್ಥೆಯ ಆಡಳಿತ ವರ್ಗದ ಮುಖ್ಯಸ್ಥರು ಶ್ರೀಮತಿ ಪ್ರವೀಣಾ, ನಿರ್ದೇಶಕರು ಶ್ರೀ ಸುರೇಶ್, ಕಾರ್ಯದರ್ಶಿ ಶ್ರೀಮತಿ ಸವಿತಾ ಮತ್ತು ಸದಸ್ಯರು ಕಾರ್ಯಕ್ರಮದಲ್ಲಿ ಪಾಲ್ಗೊಂಡಿದ್ದರು. ಎಲ್ಲ ಪ್ರಶಸ್ತಿ ಪುರಸ್ಕೃತರಿಗೆ ಅಭಿನಂದನೆ ಸಲ್ಲಿಸಲಾಯಿತು. ವಂದನಾರ್ಪಣೆಯೊಂದಿಗೆ ಕಾರ್ಯಕ್ರಮ ಮುಕ್ತಾಯವಾಯಿತು.
